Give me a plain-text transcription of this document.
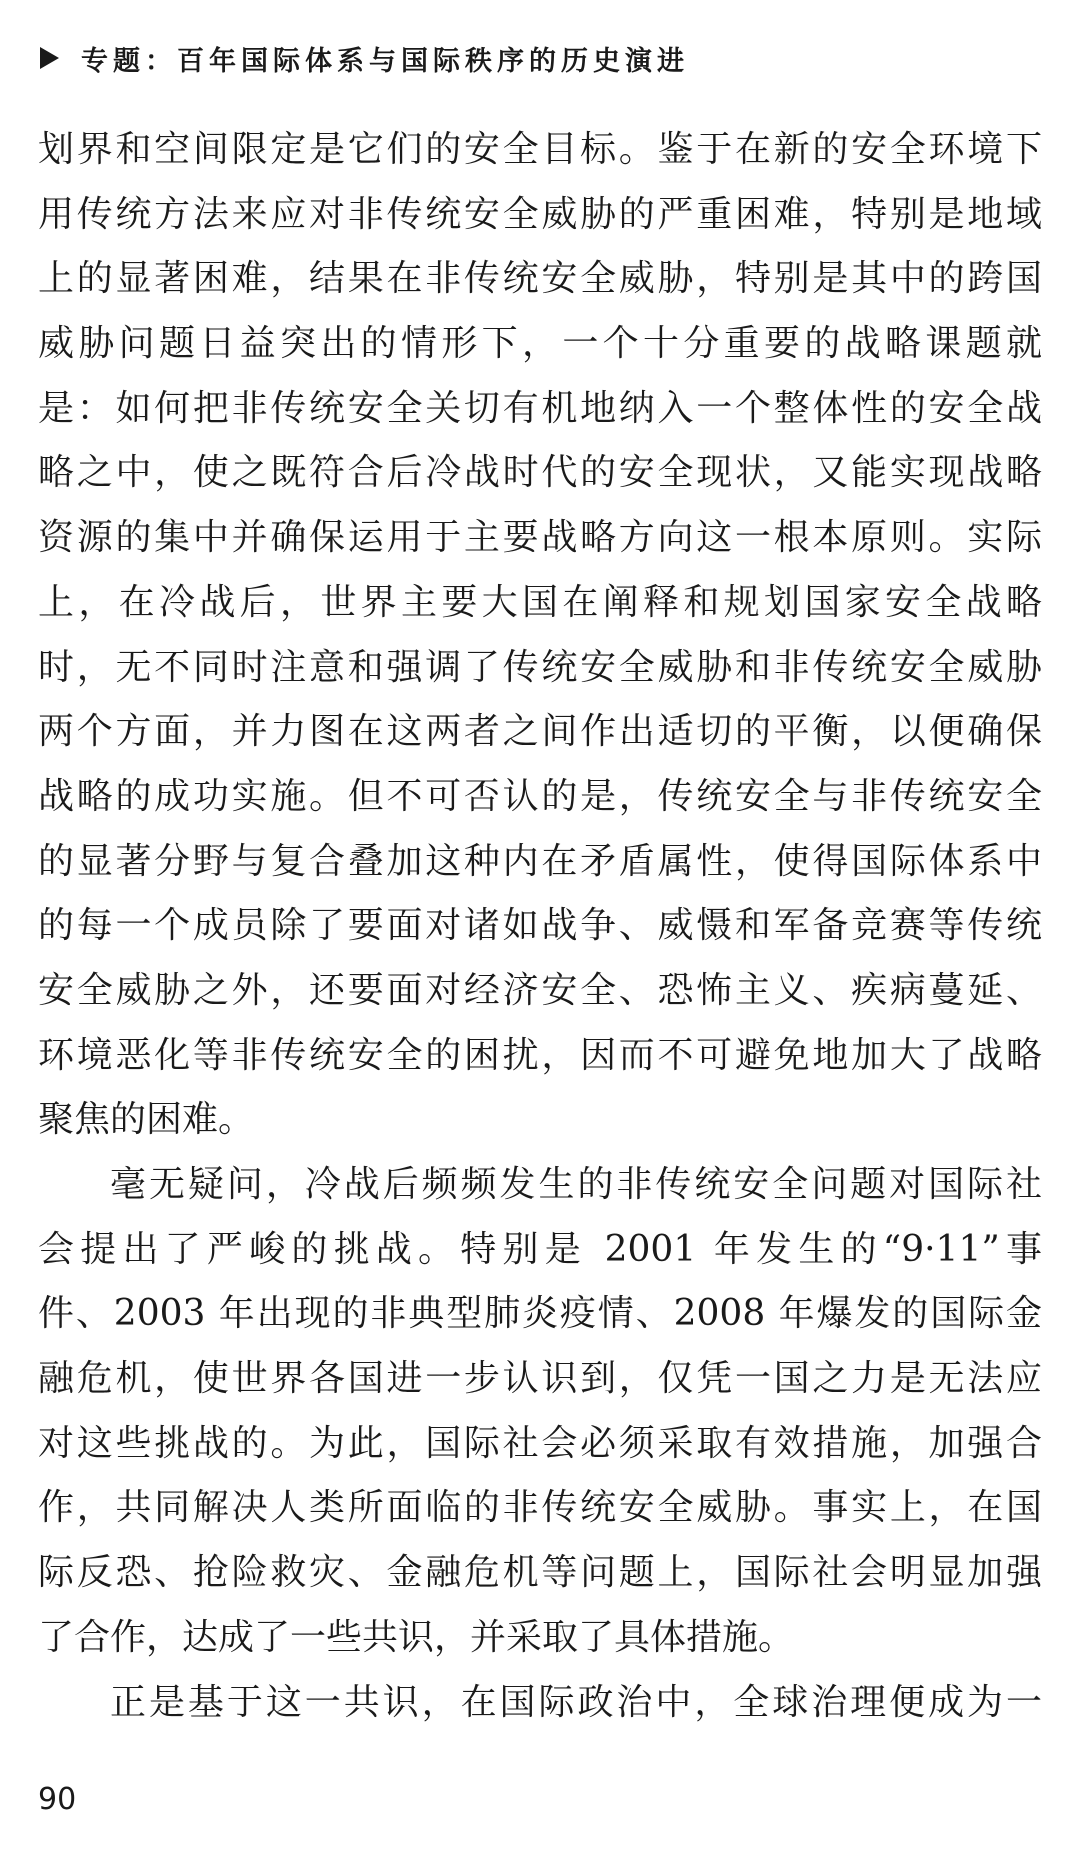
专题：百年国际体系与国际秩序的历史演进
划界和空间限定是它们的安全目标。鉴于在新的安全环境下
用传统方法来应对非传统安全威胁的严重困难，特别是地域
上的显著困难，结果在非传统安全威胁，特别是其中的跨国
威胁问题日益突出的情形下，一个十分重要的战略课题就
是：如何把非传统安全关切有机地纳入一个整体性的安全战
略之中，使之既符合后冷战时代的安全现状，又能实现战略
资源的集中并确保运用于主要战略方向这一根本原则。实际
上，在冷战后，世界主要大国在阐释和规划国家安全战略
时，无不同时注意和强调了传统安全威胁和非传统安全威胁
两个方面，并力图在这两者之间作出适切的平衡，以便确保
战略的成功实施。但不可否认的是，传统安全与非传统安全
的显著分野与复合叠加这种内在矛盾属性，使得国际体系中
的每一个成员除了要面对诸如战争、威慑和军备竞赛等传统
安全威胁之外，还要面对经济安全、恐怖主义、疾病蔓延、
环境恶化等非传统安全的困扰，因而不可避免地加大了战略
聚焦的困难。
毫无疑问，冷战后频频发生的非传统安全问题对国际社
会提出了严峻的挑战。特别是 2001 年发生的“9·11”事
件、2003 年出现的非典型肺炎疫情、2008 年爆发的国际金
融危机，使世界各国进一步认识到，仅凭一国之力是无法应
对这些挑战的。为此，国际社会必须采取有效措施，加强合
作，共同解决人类所面临的非传统安全威胁。事实上，在国
际反恐、抢险救灾、金融危机等问题上，国际社会明显加强
了合作，达成了一些共识，并采取了具体措施。
正是基于这一共识，在国际政治中，全球治理便成为一
90
